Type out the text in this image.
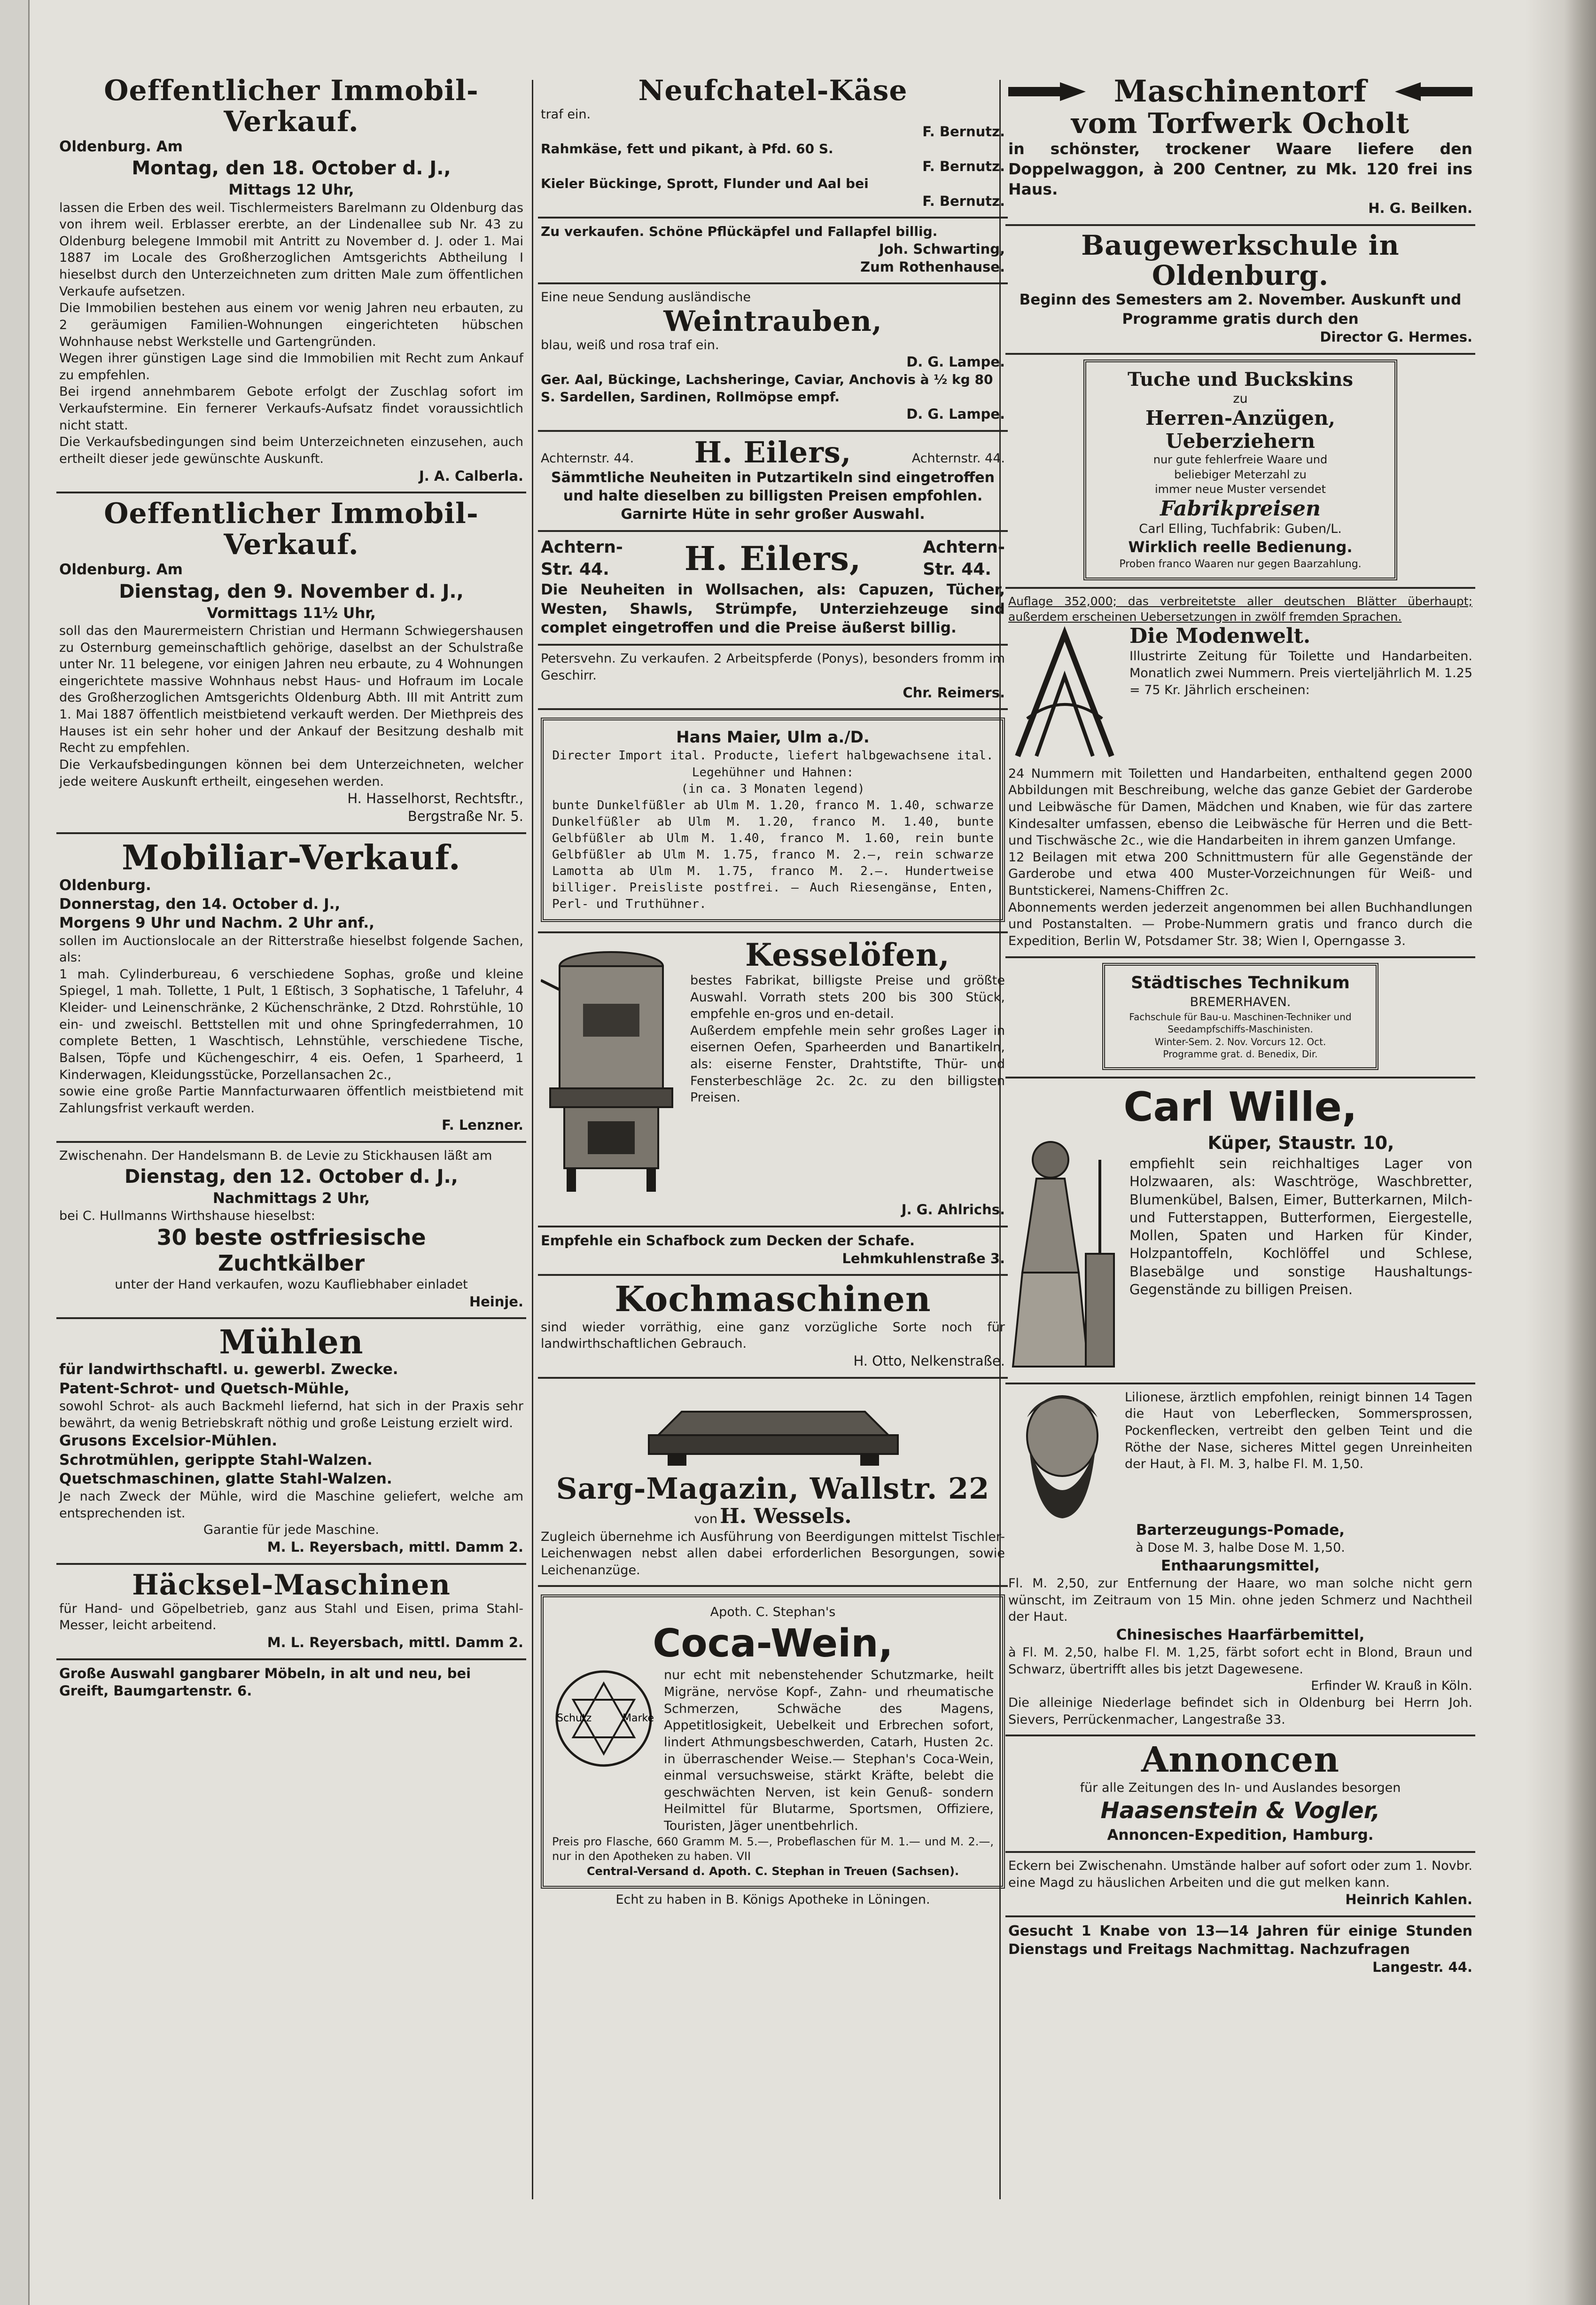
Oeffentlicher Immobil-Verkauf.
Oldenburg. Am
Montag, den 18. October d. J.,
Mittags 12 Uhr,
lassen die Erben des weil. Tischlermeisters Barelmann zu Oldenburg das von ihrem weil. Erblasser ererbte, an der Lindenallee sub Nr. 43 zu Oldenburg belegene Immobil mit Antritt zu November d. J. oder 1. Mai 1887 im Locale des Großherzoglichen Amtsgerichts Abtheilung I hieselbst durch den Unterzeichneten zum dritten Male zum öffentlichen Verkaufe aufsetzen.
Die Immobilien bestehen aus einem vor wenig Jahren neu erbauten, zu 2 geräumigen Familien-Wohnungen eingerichteten hübschen Wohnhause nebst Werkstelle und Gartengründen.
Wegen ihrer günstigen Lage sind die Immobilien mit Recht zum Ankauf zu empfehlen.
Bei irgend annehmbarem Gebote erfolgt der Zuschlag sofort im Verkaufstermine. Ein fernerer Verkaufs-Aufsatz findet voraussichtlich nicht statt.
Die Verkaufsbedingungen sind beim Unterzeichneten einzusehen, auch ertheilt dieser jede gewünschte Auskunft.
J. A. Calberla.
Oeffentlicher Immobil-Verkauf.
Oldenburg. Am
Dienstag, den 9. November d. J.,
Vormittags 11½ Uhr,
soll das den Maurermeistern Christian und Hermann Schwiegershausen zu Osternburg gemeinschaftlich gehörige, daselbst an der Schulstraße unter Nr. 11 belegene, vor einigen Jahren neu erbaute, zu 4 Wohnungen eingerichtete massive Wohnhaus nebst Haus- und Hofraum im Locale des Großherzoglichen Amtsgerichts Oldenburg Abth. III mit Antritt zum 1. Mai 1887 öffentlich meistbietend verkauft werden. Der Miethpreis des Hauses ist ein sehr hoher und der Ankauf der Besitzung deshalb mit Recht zu empfehlen.
Die Verkaufsbedingungen können bei dem Unterzeichneten, welcher jede weitere Auskunft ertheilt, eingesehen werden.
H. Hasselhorst, Rechtsftr.,
Bergstraße Nr. 5.
Mobiliar-Verkauf.
Oldenburg.
Donnerstag, den 14. October d. J.,
Morgens 9 Uhr und Nachm. 2 Uhr anf.,
sollen im Auctionslocale an der Ritterstraße hieselbst folgende Sachen, als:
1 mah. Cylinderbureau, 6 verschiedene Sophas, große und kleine Spiegel, 1 mah. Tollette, 1 Pult, 1 Eßtisch, 3 Sophatische, 1 Tafeluhr, 4 Kleider- und Leinenschränke, 2 Küchenschränke, 2 Dtzd. Rohrstühle, 10 ein- und zweischl. Bettstellen mit und ohne Springfederrahmen, 10 complete Betten, 1 Waschtisch, Lehnstühle, verschiedene Tische, Balsen, Töpfe und Küchengeschirr, 4 eis. Oefen, 1 Sparheerd, 1 Kinderwagen, Kleidungsstücke, Porzellansachen 2c.,
sowie eine große Partie Mannfacturwaaren öffentlich meistbietend mit Zahlungsfrist verkauft werden.
F. Lenzner.
Zwischenahn. Der Handelsmann B. de Levie zu Stickhausen läßt am
Dienstag, den 12. October d. J.,
Nachmittags 2 Uhr,
bei C. Hullmanns Wirthshause hieselbst:
30 beste ostfriesische
Zuchtkälber
unter der Hand verkaufen, wozu Kaufliebhaber einladet
Heinje.
Mühlen
für landwirthschaftl. u. gewerbl. Zwecke.
Patent-Schrot- und Quetsch-Mühle,
sowohl Schrot- als auch Backmehl liefernd, hat sich in der Praxis sehr bewährt, da wenig Betriebskraft nöthig und große Leistung erzielt wird.
Grusons Excelsior-Mühlen.
Schrotmühlen, gerippte Stahl-Walzen.
Quetschmaschinen, glatte Stahl-Walzen.
Je nach Zweck der Mühle, wird die Maschine geliefert, welche am entsprechenden ist.
Garantie für jede Maschine.
M. L. Reyersbach, mittl. Damm 2.
Häcksel-Maschinen
für Hand- und Göpelbetrieb, ganz aus Stahl und Eisen, prima Stahl-Messer, leicht arbeitend.
M. L. Reyersbach, mittl. Damm 2.
Große Auswahl gangbarer Möbeln, in alt und neu, bei Greift, Baumgartenstr. 6.
Neufchatel-Käse
traf ein.
F. Bernutz.
Rahmkäse, fett und pikant, à Pfd. 60 S.
F. Bernutz.
Kieler Bückinge, Sprott, Flunder und Aal bei
F. Bernutz.
Zu verkaufen. Schöne Pflückäpfel und Fallapfel billig.
Joh. Schwarting,
Zum Rothenhause.
Eine neue Sendung ausländische
Weintrauben,
blau, weiß und rosa traf ein.
D. G. Lampe.
Ger. Aal, Bückinge, Lachsheringe, Caviar, Anchovis à ½ kg 80 S. Sardellen, Sardinen, Rollmöpse empf.
D. G. Lampe.
Achternstr. 44. H. Eilers,	Achternstr. 44.
Sämmtliche Neuheiten in Putzartikeln sind eingetroffen und halte dieselben zu billigsten Preisen empfohlen.
Garnirte Hüte in sehr großer Auswahl.
Achtern-
Str. 44.	H. Eilers,	Achtern-
Str. 44.
Die Neuheiten in Wollsachen, als: Capuzen, Tücher, Westen, Shawls, Strümpfe, Unterziehzeuge sind complet eingetroffen und die Preise äußerst billig.
Petersvehn. Zu verkaufen. 2 Arbeitspferde (Ponys), besonders fromm im Geschirr.
Chr. Reimers.
Hans Maier, Ulm a./D.
Directer Import ital. Producte, liefert halbgewachsene ital. Legehühner und Hahnen:
(in ca. 3 Monaten legend)
bunte Dunkelfüßler ab Ulm M. 1.20, franco M. 1.40, schwarze Dunkelfüßler ab Ulm M. 1.20, franco M. 1.40, bunte Gelbfüßler ab Ulm M. 1.40, franco M. 1.60, rein bunte Gelbfüßler ab Ulm M. 1.75, franco M. 2.—, rein schwarze Lamotta ab Ulm M. 1.75, franco M. 2.—. Hundertweise billiger. Preisliste postfrei. — Auch Riesengänse, Enten, Perl- und Truthühner.
Kesselöfen,
bestes Fabrikat, billigste Preise und größte Auswahl. Vorrath stets 200 bis 300 Stück, empfehle en-gros und en-detail.
Außerdem empfehle mein sehr großes Lager in eisernen Oefen, Sparheerden und Banartikeln, als: eiserne Fenster, Drahtstifte, Thür- und Fensterbeschläge 2c. 2c. zu den billigsten Preisen.
J. G. Ahlrichs.
Empfehle ein Schafbock zum Decken der Schafe.
Lehmkuhlenstraße 3.
Kochmaschinen
sind wieder vorräthig, eine ganz vorzügliche Sorte noch für landwirthschaftlichen Gebrauch.
H. Otto, Nelkenstraße.
Sarg-Magazin, Wallstr. 22
von H. Wessels.
Zugleich übernehme ich Ausführung von Beerdigungen mittelst Tischler-Leichenwagen nebst allen dabei erforderlichen Besorgungen, sowie Leichenanzüge.
Apoth. C. Stephan's
Coca-Wein,
Schutz	Marke
nur echt mit nebenstehender Schutzmarke, heilt Migräne, nervöse Kopf-, Zahn- und rheumatische Schmerzen, Schwäche des Magens, Appetitlosigkeit, Uebelkeit und Erbrechen sofort, lindert Athmungsbeschwerden, Catarh, Husten 2c. in überraschender Weise.— Stephan's Coca-Wein, einmal versuchsweise, stärkt Kräfte, belebt die geschwächten Nerven, ist kein Genuß- sondern Heilmittel für Blutarme, Sportsmen, Offiziere, Touristen, Jäger unentbehrlich.
Preis pro Flasche, 660 Gramm M. 5.—, Probeflaschen für M. 1.— und M. 2.—, nur in den Apotheken zu haben. VII
Central-Versand d. Apoth. C. Stephan in Treuen (Sachsen).
Echt zu haben in B. Königs Apotheke in Löningen.
Maschinentorf
vom Torfwerk Ocholt
in schönster, trockener Waare liefere den Doppelwaggon, à 200 Centner, zu Mk. 120 frei ins Haus.
H. G. Beilken.
Baugewerkschule in Oldenburg.
Beginn des Semesters am 2. November. Auskunft und Programme gratis durch den
Director G. Hermes.
Tuche und Buckskins
zu
Herren-Anzügen, Ueberziehern
nur gute fehlerfreie Waare und
beliebiger Meterzahl zu
immer neue Muster versendet
Fabrikpreisen
Carl Elling, Tuchfabrik: Guben/L.
Wirklich reelle Bedienung.
Proben franco Waaren nur gegen Baarzahlung.
Auflage 352,000; das verbreitetste aller deutschen Blätter überhaupt; außerdem erscheinen Uebersetzungen in zwölf fremden Sprachen.
Die Modenwelt.
Illustrirte Zeitung für Toilette und Handarbeiten. Monatlich zwei Nummern. Preis vierteljährlich M. 1.25 = 75 Kr. Jährlich erscheinen:
24 Nummern mit Toiletten und Handarbeiten, enthaltend gegen 2000 Abbildungen mit Beschreibung, welche das ganze Gebiet der Garderobe und Leibwäsche für Damen, Mädchen und Knaben, wie für das zartere Kindesalter umfassen, ebenso die Leibwäsche für Herren und die Bett- und Tischwäsche 2c., wie die Handarbeiten in ihrem ganzen Umfange.
12 Beilagen mit etwa 200 Schnittmustern für alle Gegenstände der Garderobe und etwa 400 Muster-Vorzeichnungen für Weiß- und Buntstickerei, Namens-Chiffren 2c.
Abonnements werden jederzeit angenommen bei allen Buchhandlungen und Postanstalten. — Probe-Nummern gratis und franco durch die Expedition, Berlin W, Potsdamer Str. 38; Wien I, Operngasse 3.
Städtisches Technikum
BREMERHAVEN.
Fachschule für Bau-u. Maschinen-Techniker und Seedampfschiffs-Maschinisten.
Winter-Sem. 2. Nov. Vorcurs 12. Oct.
Programme grat. d. Benedix, Dir.
Carl Wille,
Küper, Staustr. 10,
empfiehlt sein reichhaltiges Lager von Holzwaaren, als: Waschtröge, Waschbretter, Blumenkübel, Balsen, Eimer, Butterkarnen, Milch- und Futterstappen, Butterformen, Eiergestelle, Mollen, Spaten und Harken für Kinder, Holzpantoffeln, Kochlöffel und Schlese, Blasebälge und sonstige Haushaltungs-Gegenstände zu billigen Preisen.
Lilionese, ärztlich empfohlen, reinigt binnen 14 Tagen die Haut von Leberflecken, Sommersprossen, Pockenflecken, vertreibt den gelben Teint und die Röthe der Nase, sicheres Mittel gegen Unreinheiten der Haut, à Fl. M. 3, halbe Fl. M. 1,50.
Barterzeugungs-Pomade,
à Dose M. 3, halbe Dose M. 1,50.
Enthaarungsmittel,
Fl. M. 2,50, zur Entfernung der Haare, wo man solche nicht gern wünscht, im Zeitraum von 15 Min. ohne jeden Schmerz und Nachtheil der Haut.
Chinesisches Haarfärbemittel,
à Fl. M. 2,50, halbe Fl. M. 1,25, färbt sofort echt in Blond, Braun und Schwarz, übertrifft alles bis jetzt Dagewesene.
Erfinder W. Krauß in Köln.
Die alleinige Niederlage befindet sich in Oldenburg bei Herrn Joh. Sievers, Perrückenmacher, Langestraße 33.
Annoncen
für alle Zeitungen des In- und Auslandes besorgen
Haasenstein & Vogler,
Annoncen-Expedition, Hamburg.
Eckern bei Zwischenahn. Umstände halber auf sofort oder zum 1. Novbr. eine Magd zu häuslichen Arbeiten und die gut melken kann.
Heinrich Kahlen.
Gesucht 1 Knabe von 13—14 Jahren für einige Stunden Dienstags und Freitags Nachmittag. Nachzufragen
Langestr. 44.
